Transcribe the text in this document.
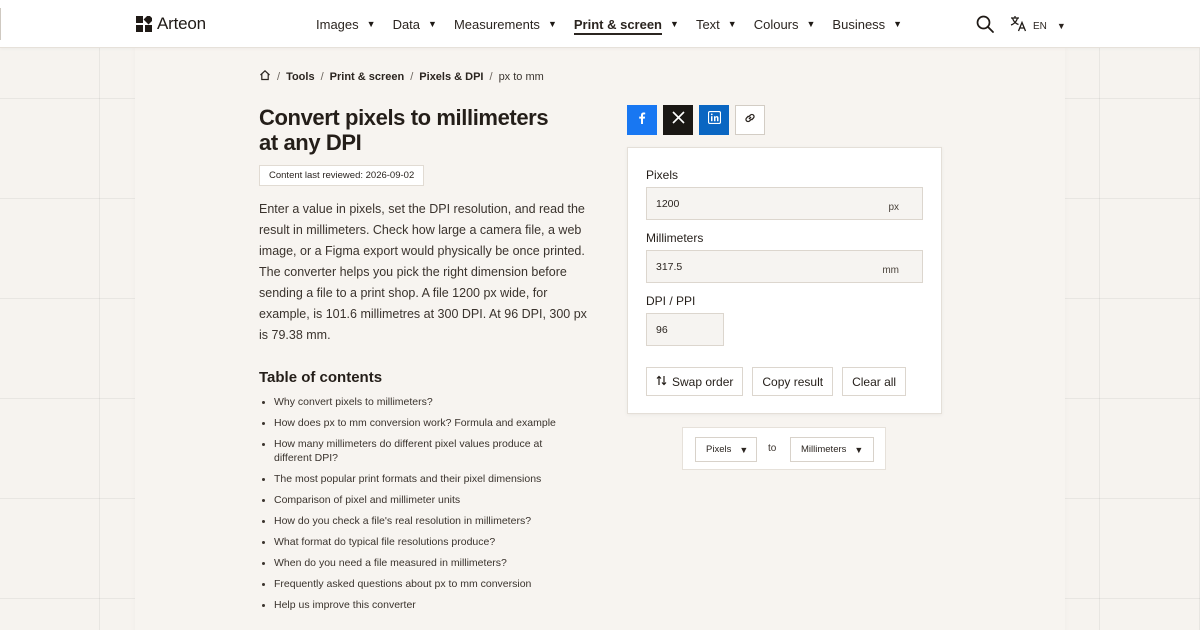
Arteon	Images ▼ Data ▼ Measurements ▼ Print & screen ▼ Text ▼ Colours ▼ Business ▼	EN ▼
/ Tools / Print & screen / Pixels & DPI / px to mm
Convert pixels to millimeters at any DPI
Content last reviewed: 2026-09-02

Enter a value in pixels, set the DPI resolution, and read the result in millimeters. Check how large a camera file, a web image, or a Figma export would physically be once printed. The converter helps you pick the right dimension before sending a file to a print shop. A file 1200 px wide, for example, is 101.6 millimetres at 300 DPI. At 96 DPI, 300 px is 79.38 mm.

Table of contents
Why convert pixels to millimeters?
How does px to mm conversion work? Formula and example
How many millimeters do different pixel values produce at different DPI?
The most popular print formats and their pixel dimensions
Comparison of pixel and millimeter units
How do you check a file's real resolution in millimeters?
What format do typical file resolutions produce?
When do you need a file measured in millimeters?
Frequently asked questions about px to mm conversion
Help us improve this converter
Pixels
1200
px
Millimeters
317.5
mm
DPI / PPI
96
Swap order	Copy result	Clear all
Pixels ▼ to	Millimeters ▼
